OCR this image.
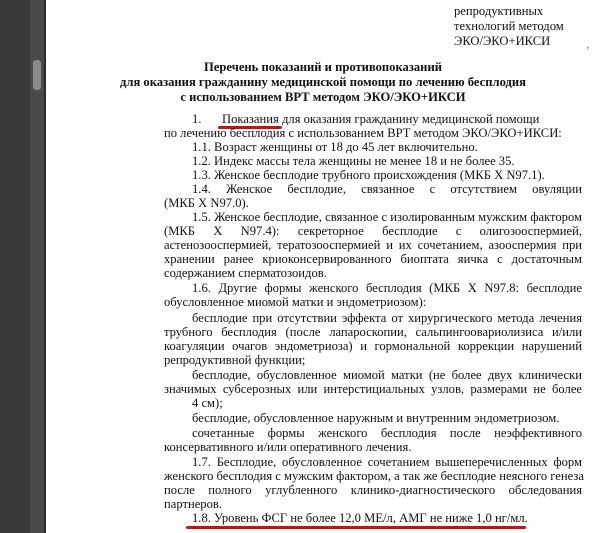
репродуктивных
технологий методом
ЭКО/ЭКО+ИКСИ
Перечень показаний и противопоказаний
для оказания гражданину медицинской помощи по лечению бесплодия
с использованием ВРТ методом ЭКО/ЭКО+ИКСИ
1. Показания для оказания гражданину медицинской помощи
по лечению бесплодия с использованием ВРТ методом ЭКО/ЭКО+ИКСИ:
1.1. Возраст женщины от 18 до 45 лет включительно.
1.2. Индекс массы тела женщины не менее 18 и не более 35.
1.3. Женское бесплодие трубного происхождения (МКБ X N97.1).
1.4. Женское бесплодие, связанное с отсутствием овуляции
(МКБ X N97.0).
1.5. Женское бесплодие, связанное с изолированным мужским фактором
(МКБ X N97.4): секреторное бесплодие с олигозооспермией,
астенозооспермией, тератозооспермией и их сочетанием, азооспермия при
хранении ранее криоконсервированного биоптата яичка с достаточным
содержанием сперматозоидов.
1.6. Другие формы женского бесплодия (МКБ X N97.8: бесплодие
обусловленное миомой матки и эндометриозом):
бесплодие при отсутствии эффекта от хирургического метода лечения
трубного бесплодия (после лапароскопии, сальпингоовариолизиса и/или
коагуляции очагов эндометриоза) и гормональной коррекции нарушений
репродуктивной функции;
бесплодие, обусловленное миомой матки (не более двух клинически
значимых субсерозных или интерстициальных узлов, размерами не более
4 см);
бесплодие, обусловленное наружным и внутренним эндометриозом.
сочетанные формы женского бесплодия после неэффективного
консервативного и/или оперативного лечения.
1.7. Бесплодие, обусловленное сочетанием вышеперечисленных форм
женского бесплодия с мужским фактором, а так же бесплодие неясного генеза
после полного углубленного клинико-диагностического обследования
партнеров.
1.8. Уровень ФСГ не более 12,0 МЕ/л, АМГ не ниже 1,0 нг/мл.
’
